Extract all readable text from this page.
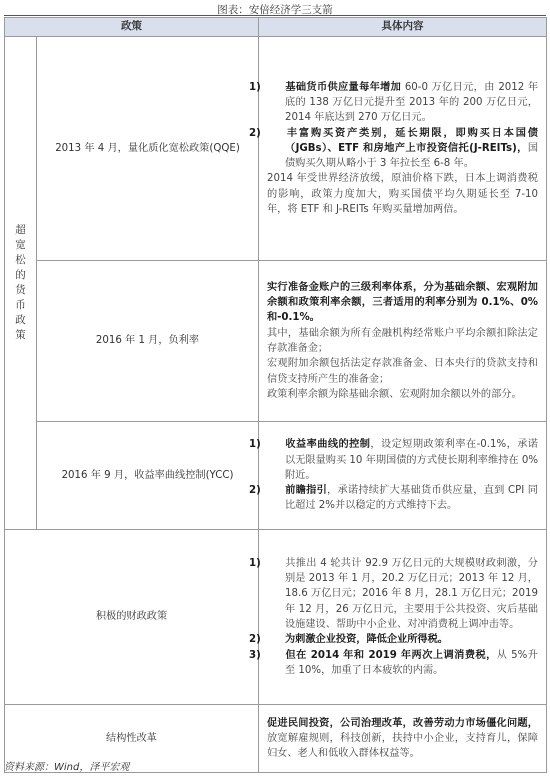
图表：安倍经济学三支箭
政策		具体内容
超宽松的货币政策	2013 年 4 月，量化质化宽松政策(QQE)	1) 基础货币供应量每年增加 60-0 万亿日元，由 2012 年底的 138 万亿日元提升至 2013 年的 200 万亿日元，2014 年底达到 270 万亿日元。

2) 丰富购买资产类别，延长期限，即购买日本国债（JGBs）、ETF 和房地产上市投资信托(J-REITs)，国债购买久期从略小于 3 年拉长至 6-8 年。

2014 年受世界经济放缓，原油价格下跌，日本上调消费税的影响，政策力度加大，购买国债平均久期延长至 7-10 年，将 ETF 和 J-REITs 年购买量增加两倍。

	2016 年 1 月，负利率	实行准备金账户的三级利率体系，分为基础余额、宏观附加余额和政策利率余额，三者适用的利率分别为 0.1%、0%和-0.1%。

其中，基础余额为所有金融机构经常账户平均余额扣除法定存款准备金；

宏观附加余额包括法定存款准备金、日本央行的贷款支持和信贷支持所产生的准备金；

政策利率余额为除基础余额、宏观附加余额以外的部分。

	2016 年 9 月，收益率曲线控制(YCC)	1) 收益率曲线的控制，设定短期政策利率在-0.1%，承诺以无限量购买 10 年期国债的方式使长期利率维持在 0%附近。

2) 前瞻指引，承诺持续扩大基础货币供应量，直到 CPI 同比超过 2%并以稳定的方式维持下去。

积极的财政政策		1) 共推出 4 轮共计 92.9 万亿日元的大规模财政刺激，分别是 2013 年 1 月，20.2 万亿日元；2013 年 12 月，18.6 万亿日元；2016 年 8 月，28.1 万亿日元；2019 年 12 月，26 万亿日元，主要用于公共投资、灾后基础设施建设、帮助中小企业、对冲消费税上调冲击等。

2) 为刺激企业投资，降低企业所得税。

3) 但在 2014 年和 2019 年两次上调消费税，从 5%升至 10%，加重了日本疲软的内需。

结构性改革		促进民间投资，公司治理改革，改善劳动力市场僵化问题，放宽解雇规则，科技创新，扶持中小企业，支持育儿，保障妇女、老人和低收入群体权益等。

资料来源：Wind，泽平宏观
